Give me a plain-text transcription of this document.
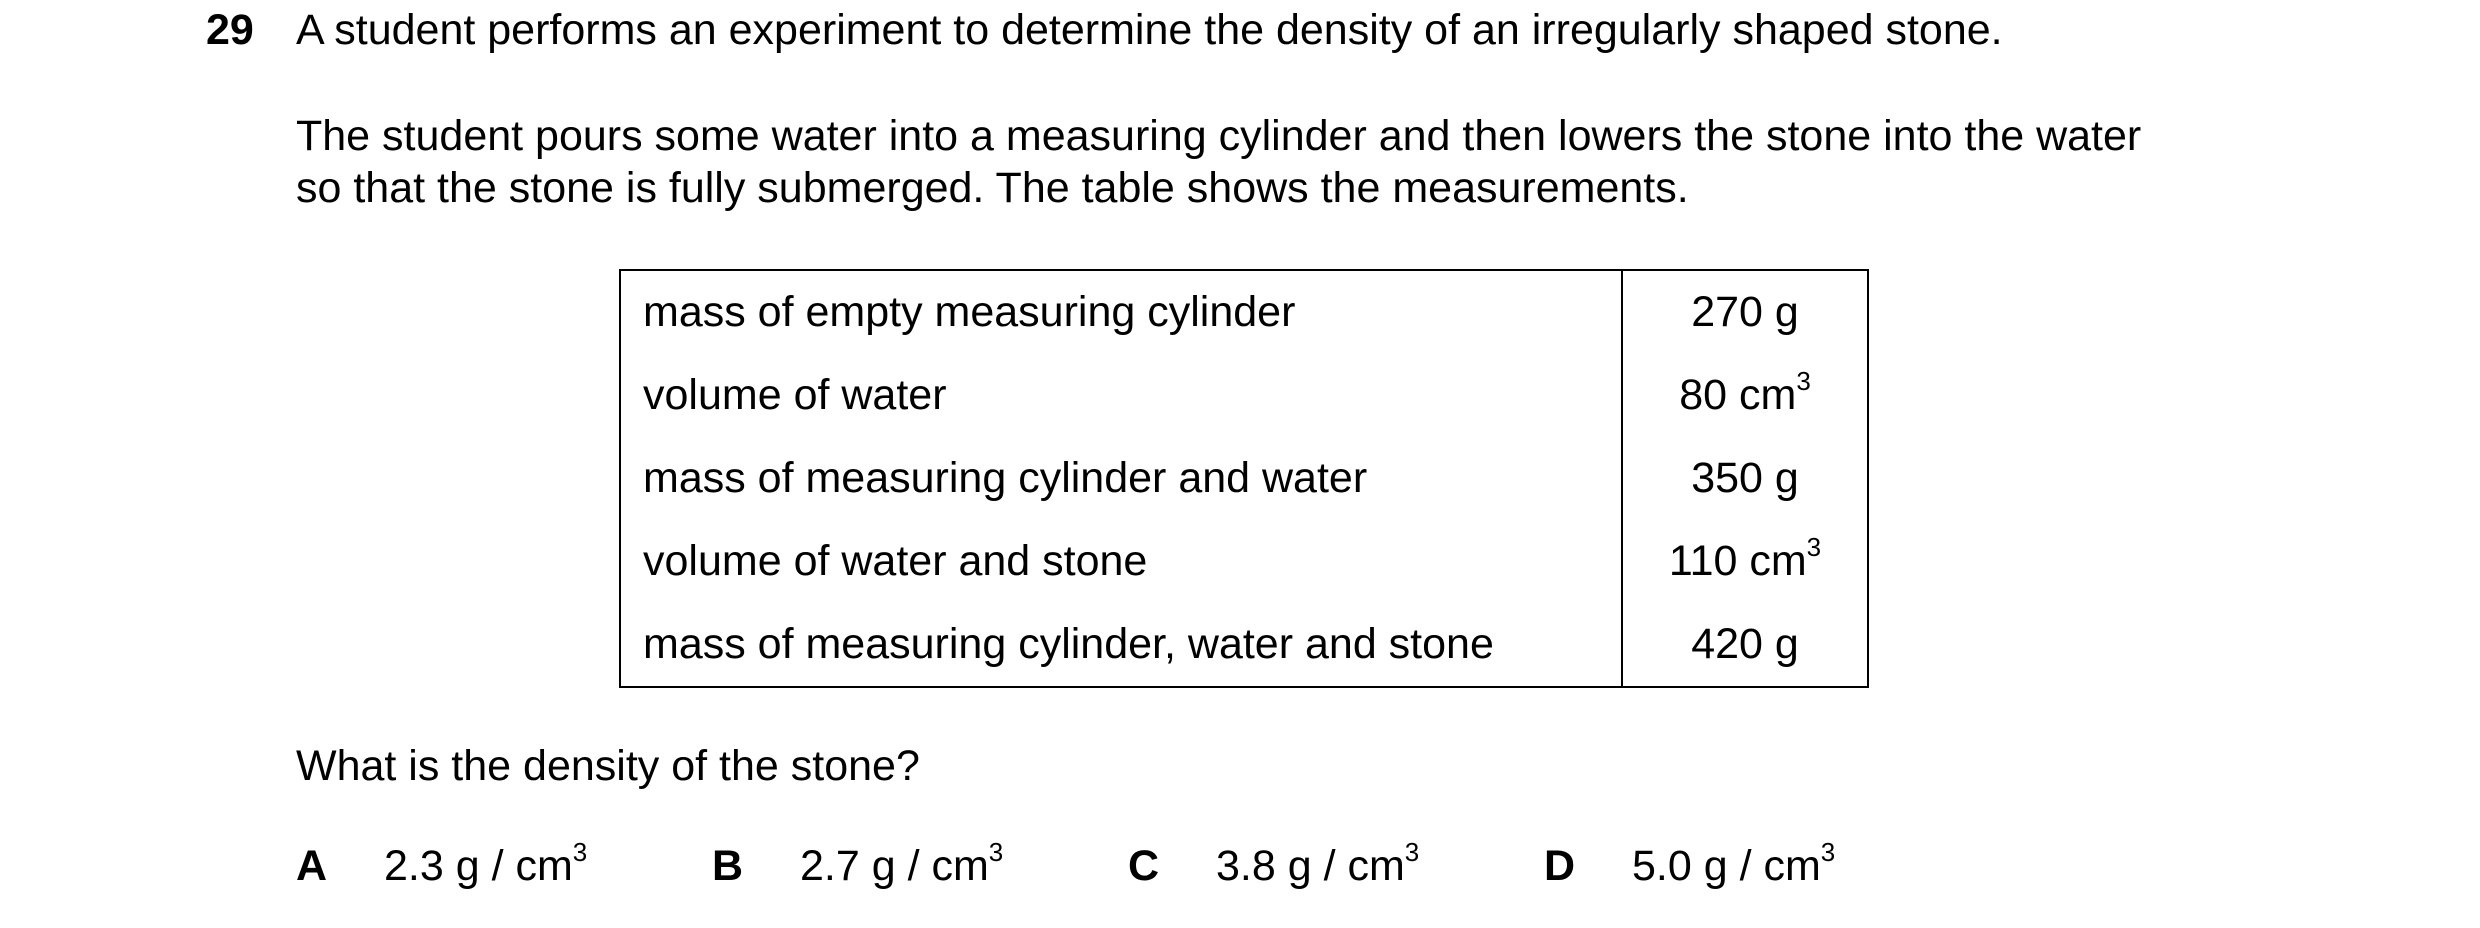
29 A student performs an experiment to determine the density of an irregularly shaped stone.
The student pours some water into a measuring cylinder and then lowers the stone into the water
so that the stone is fully submerged. The table shows the measurements.
mass of empty measuring cylinder	270 g
volume of water	80 $cm^3$
mass of measuring cylinder and water	350 g
volume of water and stone	110 $cm^3$
mass of measuring cylinder, water and stone	420 g
What is the density of the stone?
A 2.3 g / $cm^3$	B 2.7 g / $cm^3$	C 3.8 g / $cm^3$	D 5.0 g / $cm^3$
